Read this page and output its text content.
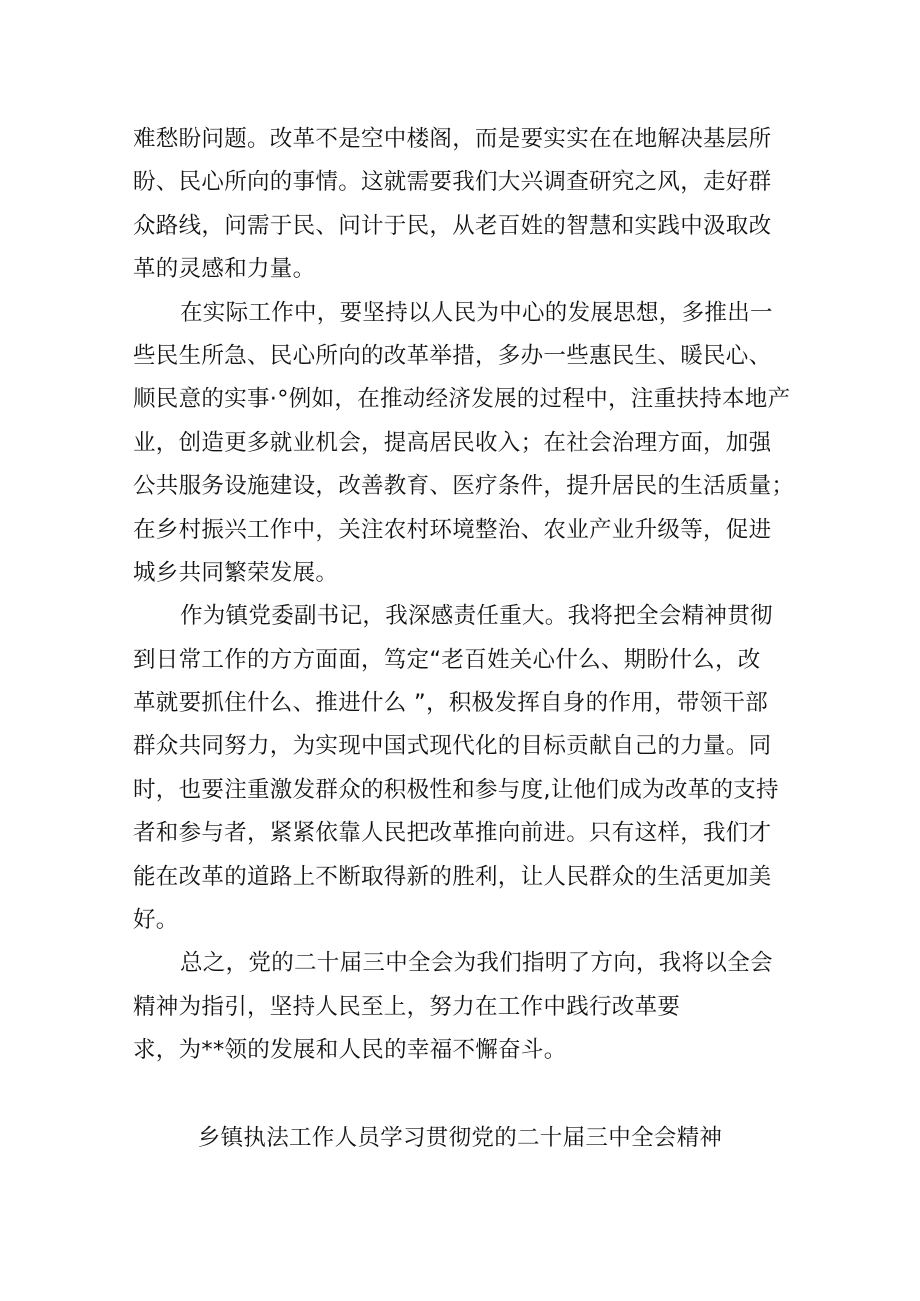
难愁盼问题。改革不是空中楼阁，而是要实实在在地解决基层所
盼、民心所向的事情。这就需要我们大兴调查研究之风，走好群
众路线，问需于民、问计于民，从老百姓的智慧和实践中汲取改
革的灵感和力量。
在实际工作中，要坚持以人民为中心的发展思想，多推出一
些民生所急、民心所向的改革举措，多办一些惠民生、暖民心、
顺民意的实事·°例如，在推动经济发展的过程中，注重扶持本地产
业，创造更多就业机会，提高居民收入；在社会治理方面，加强
公共服务设施建设，改善教育、医疗条件，提升居民的生活质量；
在乡村振兴工作中，关注农村环境整治、农业产业升级等，促进
城乡共同繁荣发展。
作为镇党委副书记，我深感责任重大。我将把全会精神贯彻
到日常工作的方方面面，笃定“老百姓关心什么、期盼什么，改
革就要抓住什么、推进什么 ”，积极发挥自身的作用，带领干部
群众共同努力，为实现中国式现代化的目标贡献自己的力量。同
时，也要注重激发群众的积极性和参与度,让他们成为改革的支持
者和参与者，紧紧依靠人民把改革推向前进。只有这样，我们才
能在改革的道路上不断取得新的胜利，让人民群众的生活更加美
好。
总之，党的二十届三中全会为我们指明了方向，我将以全会
精神为指引，坚持人民至上，努力在工作中践行改革要
求，为**领的发展和人民的幸福不懈奋斗。
乡镇执法工作人员学习贯彻党的二十届三中全会精神
